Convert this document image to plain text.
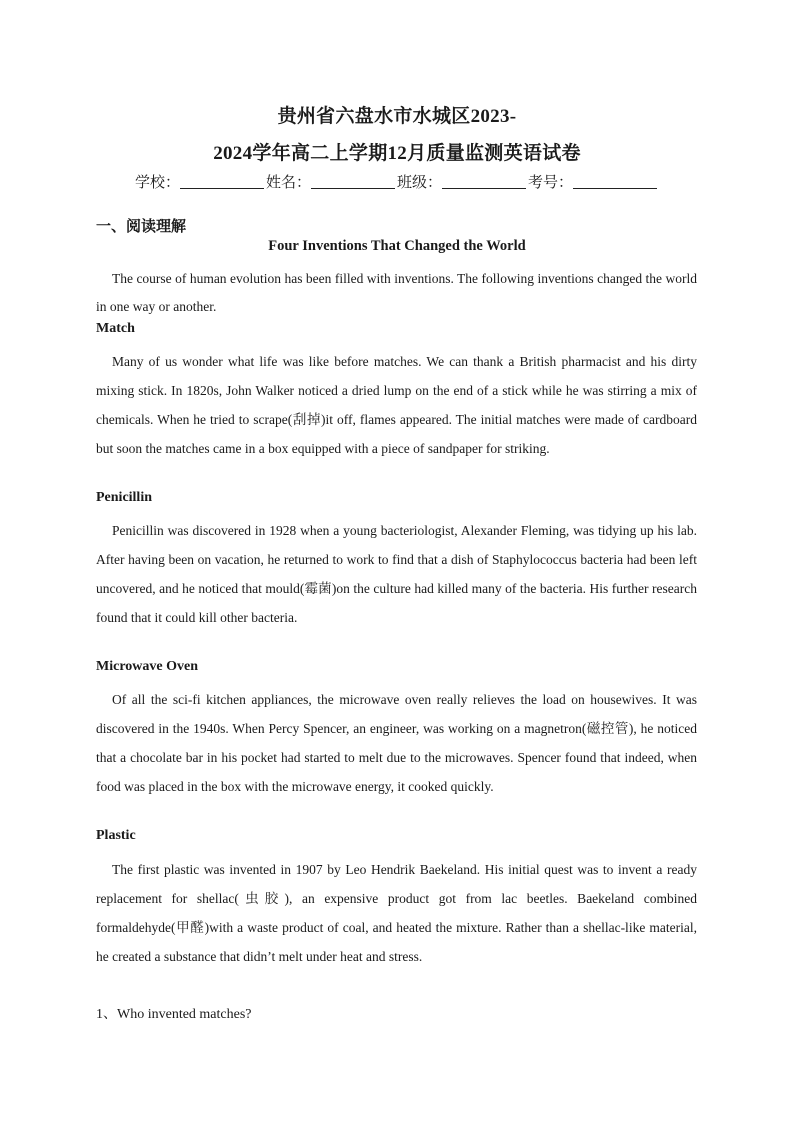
贵州省六盘水市水城区2023-
2024学年高二上学期12月质量监测英语试卷
学校：	姓名：	班级：	考号：
一、阅读理解
Four Inventions That Changed the World

The course of human evolution has been filled with inventions. The following inventions changed the world in one way or another.

Match

Many of us wonder what life was like before matches. We can thank a British pharmacist and his dirty mixing stick. In 1820s, John Walker noticed a dried lump on the end of a stick while he was stirring a mix of chemicals. When he tried to scrape(刮掉)it off, flames appeared. The initial matches were made of cardboard but soon the matches came in a box equipped with a piece of sandpaper for striking.

Penicillin

Penicillin was discovered in 1928 when a young bacteriologist, Alexander Fleming, was tidying up his lab. After having been on vacation, he returned to work to find that a dish of Staphylococcus bacteria had been left uncovered, and he noticed that mould(霉菌)on the culture had killed many of the bacteria. His further research found that it could kill other bacteria.

Microwave Oven

Of all the sci-fi kitchen appliances, the microwave oven really relieves the load on housewives. It was discovered in the 1940s. When Percy Spencer, an engineer, was working on a magnetron(磁控管), he noticed that a chocolate bar in his pocket had started to melt due to the microwaves. Spencer found that indeed, when food was placed in the box with the microwave energy, it cooked quickly.

Plastic

The first plastic was invented in 1907 by Leo Hendrik Baekeland. His initial quest was to invent a ready replacement for shellac(虫胶), an expensive product got from lac beetles. Baekeland combined formaldehyde(甲醛)with a waste product of coal, and heated the mixture. Rather than a shellac-like material, he created a substance that didn’t melt under heat and stress.

1、Who invented matches?
